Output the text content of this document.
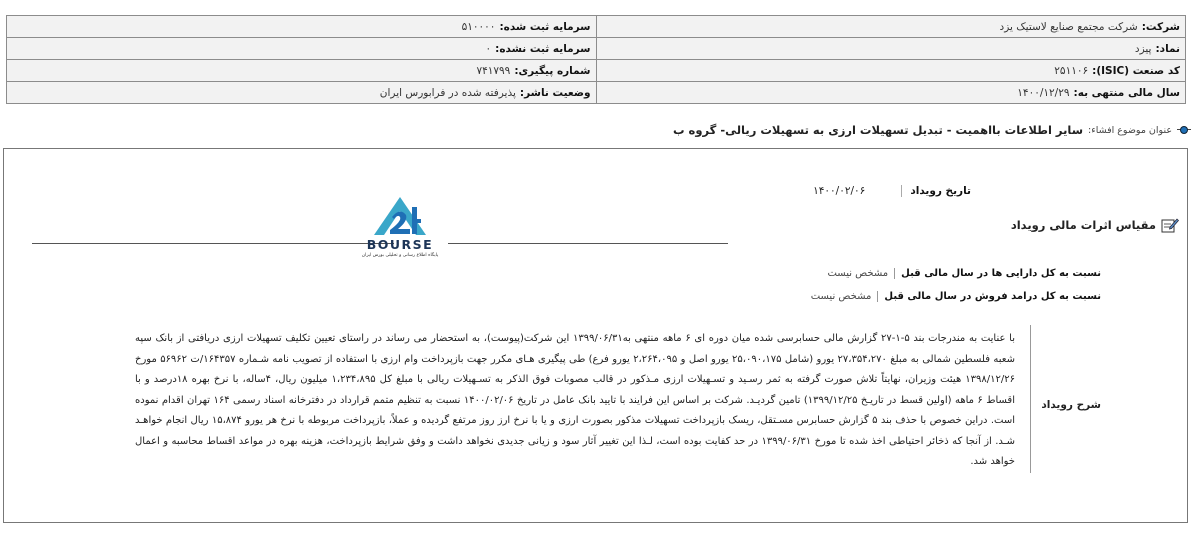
شرکت:شرکت مجتمع صنایع لاستیک یزد	سرمایه ثبت شده:۵۱۰۰۰۰
نماد:پیزد	سرمایه ثبت نشده:۰
کد صنعت (ISIC):۲۵۱۱۰۶	شماره پیگیری:۷۴۱۷۹۹
سال مالی منتهی به:۱۴۰۰/۱۲/۲۹	وضعیت ناشر:پذیرفته شده در فرابورس ایران
عنوان موضوع افشاء:
سایر اطلاعات بااهمیت - تبدیل تسهیلات ارزی به تسهیلات ریالی- گروه ب
تاریخ رویداد
۱۴۰۰/۰۲/۰۶
مقیاس اثرات مالی رویداد
BOURSE
پایگاه اطلاع رسانی و تحلیلی بورس ایران
نسبت به کل دارایی ها در سال مالی قبل
مشخص نیست
نسبت به کل درامد فروش در سال مالی قبل
مشخص نیست
شرح رویداد
با عنایت به مندرجات بند ۵-۱-۲۷ گزارش مالی حسابرسی شده میان دوره ای ۶ ماهه منتهی به۱۳۹۹/۰۶/۳۱ این شرکت(پیوست)، به استحضار می رساند در راستای تعیین تکلیف تسهیلات ارزی دریافتی از بانک سپه شعبه فلسطین شمالی به مبلغ ۲۷،۳۵۴،۲۷۰ یورو (شامل ۲۵،۰۹۰،۱۷۵ یورو اصل و ۲،۲۶۴،۰۹۵ یورو فرع) طی پیگیری هـای مکرر جهت بازپرداخت وام ارزی با استفاده از تصویب نامه شـماره ۱۶۴۳۵۷/ت ۵۶۹۶۲ مورخ ۱۳۹۸/۱۲/۲۶ هیئت وزیران، نهایتاً تلاش صورت گرفته به ثمر رسـید و تسـهیلات ارزی مـذکور در قالب مصوبات فوق الذکر به تسـهیلات ریالی با مبلغ کل ۱،۲۳۴،۸۹۵ میلیون ریال، ۴ساله، با نرخ بهره ۱۸درصد و با اقساط ۶ ماهه (اولین قسط در تاریـخ ۱۳۹۹/۱۲/۲۵) تامین گردیـد. شرکت بر اساس این فرایند با تایید بانک عامل در تاریخ ۱۴۰۰/۰۲/۰۶ نسبت به تنظیم متمم قرارداد در دفترخانه اسناد رسمی ۱۶۴ تهران اقدام نموده است. دراین خصوص با حذف بند ۵ گزارش حسابرس مسـتقل، ریسک بازپرداخت تسهیلات مذکور بصورت ارزی و یا با نرخ ارز روز مرتفع گردیده و عملاً، بازپرداخت مربوطه با نرخ هر یورو ۱۵،۸۷۴ ریال انجام خواهـد شـد. از آنجا که ذخائر احتیاطی اخذ شده تا مورخ ۱۳۹۹/۰۶/۳۱ در حد کفایت بوده است، لـذا این تغییر آثار سود و زیانی جدیدی نخواهد داشت و وفق شرایط بازپرداخت، هزینه بهره در مواعد اقساط محاسبه و اعمال خواهد شد.
